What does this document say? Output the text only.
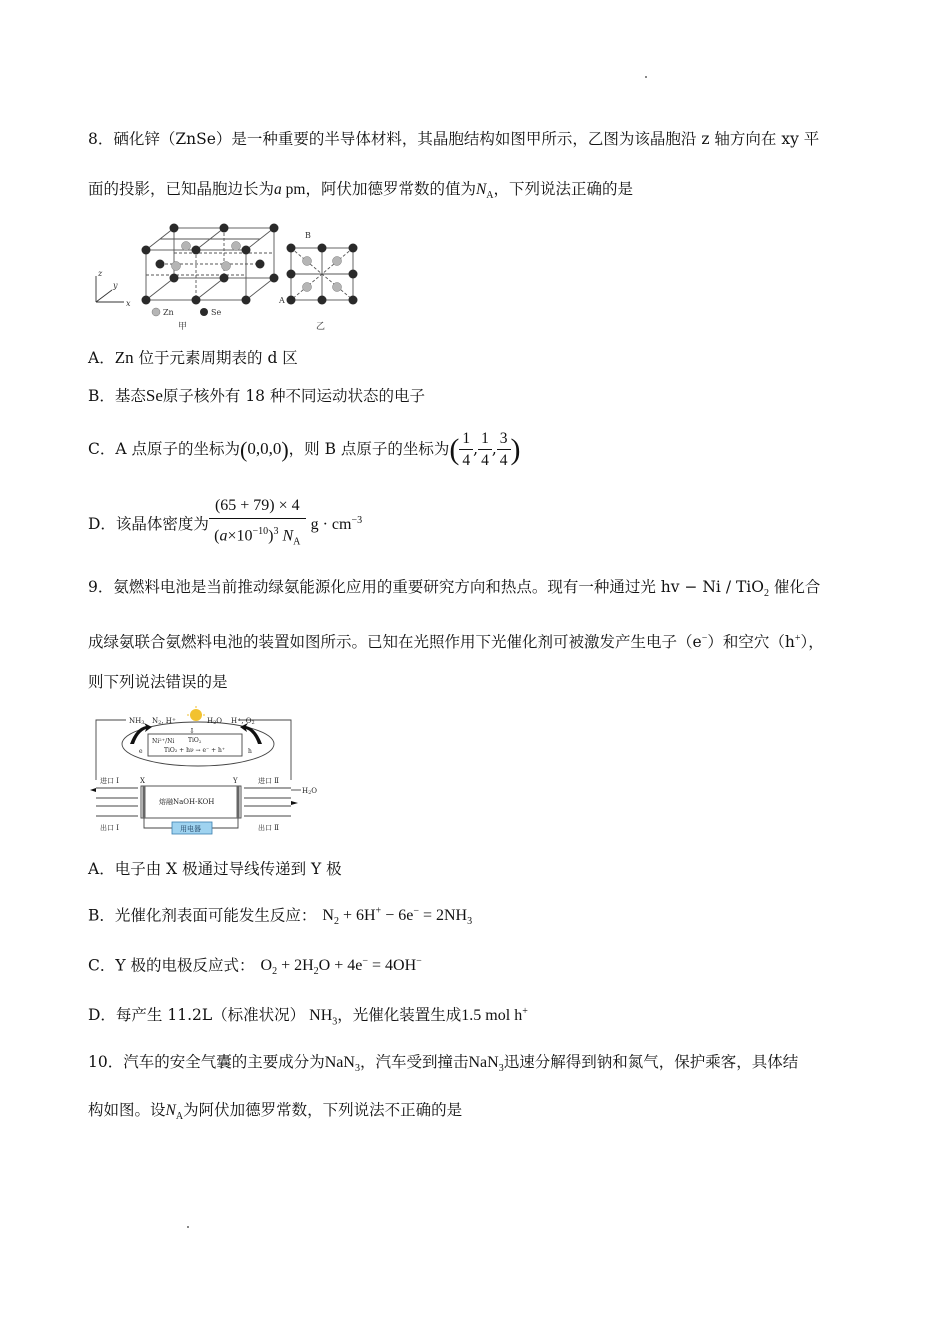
8．硒化锌（ZnSe）是一种重要的半导体材料，其晶胞结构如图甲所示，乙图为该晶胞沿 z 轴方向在 xy 平
面的投影，已知晶胞边长为a pm，阿伏加德罗常数的值为$N_A$，下列说法正确的是
z
y
x
Zn	Se
甲
B
A
乙
A．Zn 位于元素周期表的 d 区
B．基态Se原子核外有 18 种不同运动状态的电子
C．A 点原子的坐标为(0,0,0)，则 B 点原子的坐标为( $\frac{1}{4}$ , $\frac{1}{4}$ , $\frac{3}{4}$ )
D．该晶体密度为 $\frac{(65 + 79) \times 4}{(a\times 10^{-10})^3 N_A}$ $g \cdot cm^{-3}$
9．氨燃料电池是当前推动绿氨能源化应用的重要研究方向和热点。现有一种通过光 hv − Ni / TiO$_2$ 催化合
成绿氨联合氨燃料电池的装置如图所示。已知在光照作用下光催化剂可被激发产生电子（e−）和空穴（h+），
则下列说法错误的是
NH3 N2, H+	H2O H+, O2
⇩
$Ni^{2+}/Ni$ TiO2
TiO₂ + hν → e⁻ + h⁺
e	h
进口 Ⅰ	进口 Ⅱ
出口 Ⅰ	出口 Ⅱ
X	Y
熔融NaOH-KOH
用电器
H2O
A．电子由 X 极通过导线传递到 Y 极
B．光催化剂表面可能发生反应： $N_2 + 6H^+ - 6e^- = 2NH_3$
C．Y 极的电极反应式： $O_2 + 2H_2O + 4e^- = 4OH^-$
D．每产生 11.2L（标准状况） $NH_3$，光催化装置生成1.5 mol h+
10．汽车的安全气囊的主要成分为NaN$_3$，汽车受到撞击NaN$_3$迅速分解得到钠和氮气，保护乘客，具体结
构如图。设$N_A$为阿伏加德罗常数，下列说法不正确的是
